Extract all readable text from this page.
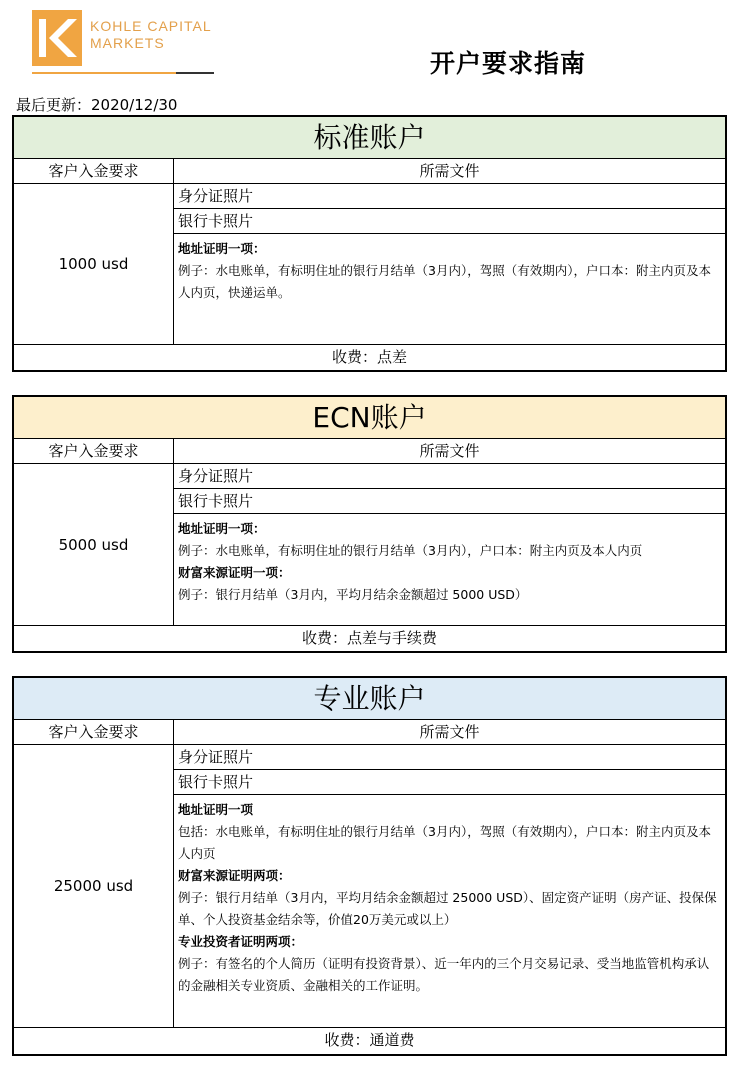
KOHLE CAPITAL
MARKETS
开户要求指南
最后更新：2020/12/30
标准账户
客户入金要求	所需文件
1000 usd
身分证照片
银行卡照片
地址证明一项：
例子：水电账单，有标明住址的银行月结单（3月内），驾照（有效期内），户口本：附主内页及本人内页，快递运单。
收费：点差
ECN账户
客户入金要求	所需文件
5000 usd
身分证照片
银行卡照片
地址证明一项：
例子：水电账单，有标明住址的银行月结单（3月内），户口本：附主内页及本人内页
财富来源证明一项：
例子：银行月结单（3月内，平均月结余金额超过 5000 USD）
收费：点差与手续费
专业账户
客户入金要求	所需文件
25000 usd
身分证照片
银行卡照片
地址证明一项
包括：水电账单，有标明住址的银行月结单（3月内），驾照（有效期内），户口本：附主内页及本人内页
财富来源证明两项：
例子：银行月结单（3月内，平均月结余金额超过 25000 USD）、固定资产证明（房产证、投保保单、个人投资基金结余等，价值20万美元或以上）
专业投资者证明两项：
例子：有签名的个人简历（证明有投资背景）、近一年内的三个月交易记录、受当地监管机构承认的金融相关专业资质、金融相关的工作证明。
收费：通道费
